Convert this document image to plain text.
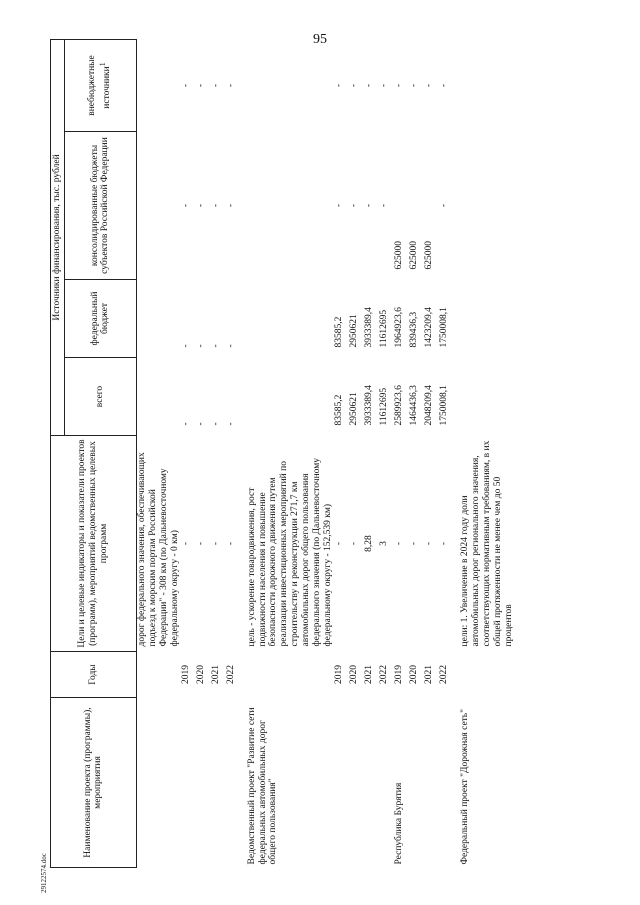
95
Наименование проекта (программы), мероприятия	Годы	Цели и целевые индикаторы и показатели проектов (программ), мероприятий ведомственных целевых программ	Источники финансирования, тыс. рублей			
			всего	федеральный бюджет	консолидированные бюджеты субъектов Российской Федерации	внебюджетные источники$^1$
		дорог федерального значения, обеспечивающих подъезд к морским портам Российской Федерации" - 308 км (по Дальневосточному федеральному округу - 0 км)				
	2019	-	-	-	-	-
	2020	-	-	-	-	-
	2021	-	-	-	-	-
	2022	-	-	-	-	-

Ведомственный проект "Развитие сети федеральных автомобильных дорог общего пользования"		цель - ускорение товародвижения, рост подвижности населения и повышение безопасности дорожного движения путем реализации инвестиционных мероприятий по строительству и реконструкции 271,7 км автомобильных дорог общего пользования федерального значения (по Дальневосточному федеральному округу - 152,539 км)				
	2019	-	83585,2	83585,2	-	-
	2020	-	2950621	2950621	-	-
	2021	8,28	3933389,4	3933389,4	-	-
	2022	3	11612695	11612695	-	-
Республика Бурятия	2019	-	2589923,6	1964923,6	625000	-
	2020	-	1464436,3	839436,3	625000	-
	2021	-	2048209,4	1423209,4	625000	-
	2022	-	1750008,1	1750008,1	-	-

Федеральный проект "Дорожная сеть"		цели: 1. Увеличение в 2024 году доли автомобильных дорог регионального значения, соответствующих нормативным требованиям, в их общей протяженности не менее чем до 50 процентов				
29122574.doc
